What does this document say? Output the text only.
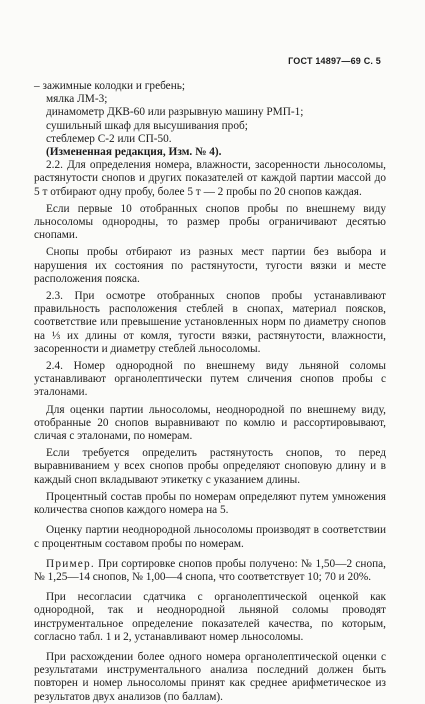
ГОСТ 14897—69 С. 5
– зажимные колодки и гребень;
мялка ЛМ-3;
динамометр ДКВ-60 или разрывную машину РМП-1;
сушильный шкаф для высушивания проб;
стеблемер С-2 или СП-50.
(Измененная редакция, Изм. № 4).

2.2. Для определения номера, влажности, засоренности льносоломы, растянутости снопов и других показателей от каждой партии массой до 5 т отбирают одну пробу, более 5 т — 2 пробы по 20 снопов каждая.

Если первые 10 отобранных снопов пробы по внешнему виду льносоломы однородны, то размер пробы ограничивают десятью снопами.

Снопы пробы отбирают из разных мест партии без выбора и нарушения их состояния по растянутости, тугости вязки и месте расположения пояска.

2.3. При осмотре отобранных снопов пробы устанавливают правильность расположения стеблей в снопах, материал поясков, соответствие или превышение установленных норм по диаметру снопов на ⅓ их длины от комля, тугости вязки, растянутости, влажности, засоренности и диаметру стеблей льносоломы.

2.4. Номер однородной по внешнему виду льняной соломы устанавливают органолептически путем сличения снопов пробы с эталонами.

Для оценки партии льносоломы, неоднородной по внешнему виду, отобранные 20 снопов выравнивают по комлю и рассортировывают, сличая с эталонами, по номерам.

Если требуется определить растянутость снопов, то перед выравниванием у всех снопов пробы определяют сноповую длину и в каждый сноп вкладывают этикетку с указанием длины.

Процентный состав пробы по номерам определяют путем умножения количества снопов каждого номера на 5.

Оценку партии неоднородной льносоломы производят в соответствии с процентным составом пробы по номерам.

Пример. При сортировке снопов пробы получено: № 1,50—2 снопа, № 1,25—14 снопов, № 1,00—4 снопа, что соответствует 10; 70 и 20%.

При несогласии сдатчика с органолептической оценкой как однородной, так и неоднородной льняной соломы проводят инструментальное определение показателей качества, по которым, согласно табл. 1 и 2, устанавливают номер льносоломы.

При расхождении более одного номера органолептической оценки с результатами инструментального анализа последний должен быть повторен и номер льносоломы принят как среднее арифметическое из результатов двух анализов (по баллам).
